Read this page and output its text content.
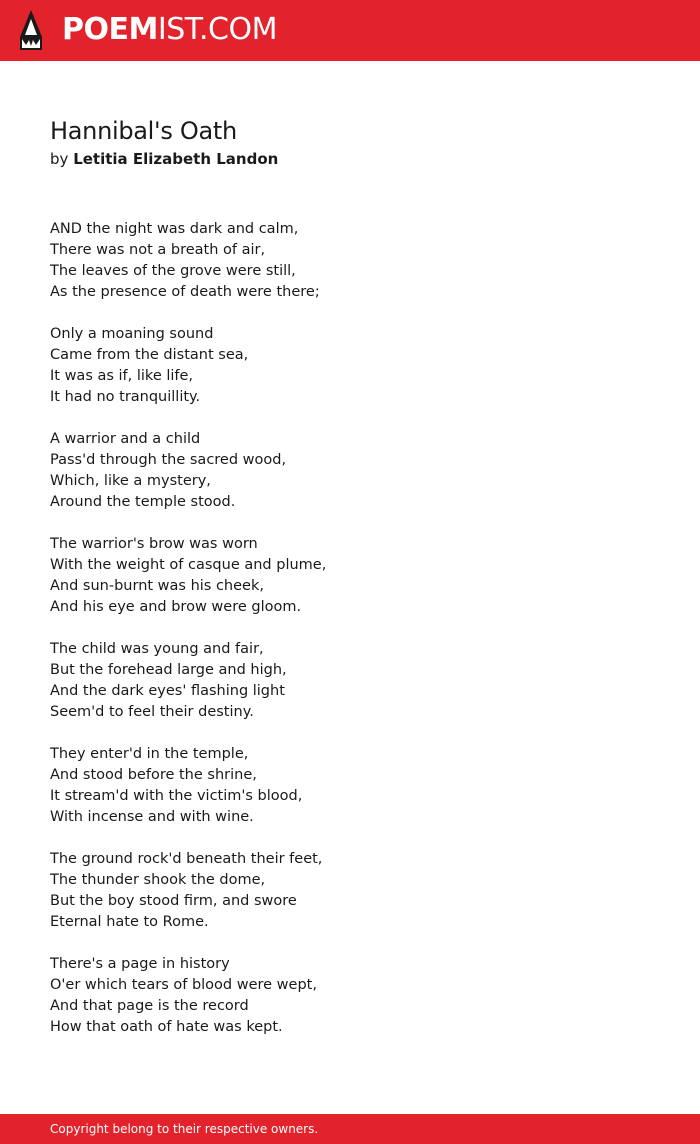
POEMIST.COM
Hannibal's Oath
by Letitia Elizabeth Landon
AND the night was dark and calm,
There was not a breath of air,
The leaves of the grove were still,
As the presence of death were there;
Only a moaning sound
Came from the distant sea,
It was as if, like life,
It had no tranquillity.
A warrior and a child
Pass'd through the sacred wood,
Which, like a mystery,
Around the temple stood.
The warrior's brow was worn
With the weight of casque and plume,
And sun-burnt was his cheek,
And his eye and brow were gloom.
The child was young and fair,
But the forehead large and high,
And the dark eyes' flashing light
Seem'd to feel their destiny.
They enter'd in the temple,
And stood before the shrine,
It stream'd with the victim's blood,
With incense and with wine.
The ground rock'd beneath their feet,
The thunder shook the dome,
But the boy stood firm, and swore
Eternal hate to Rome.
There's a page in history
O'er which tears of blood were wept,
And that page is the record
How that oath of hate was kept.
Copyright belong to their respective owners.
